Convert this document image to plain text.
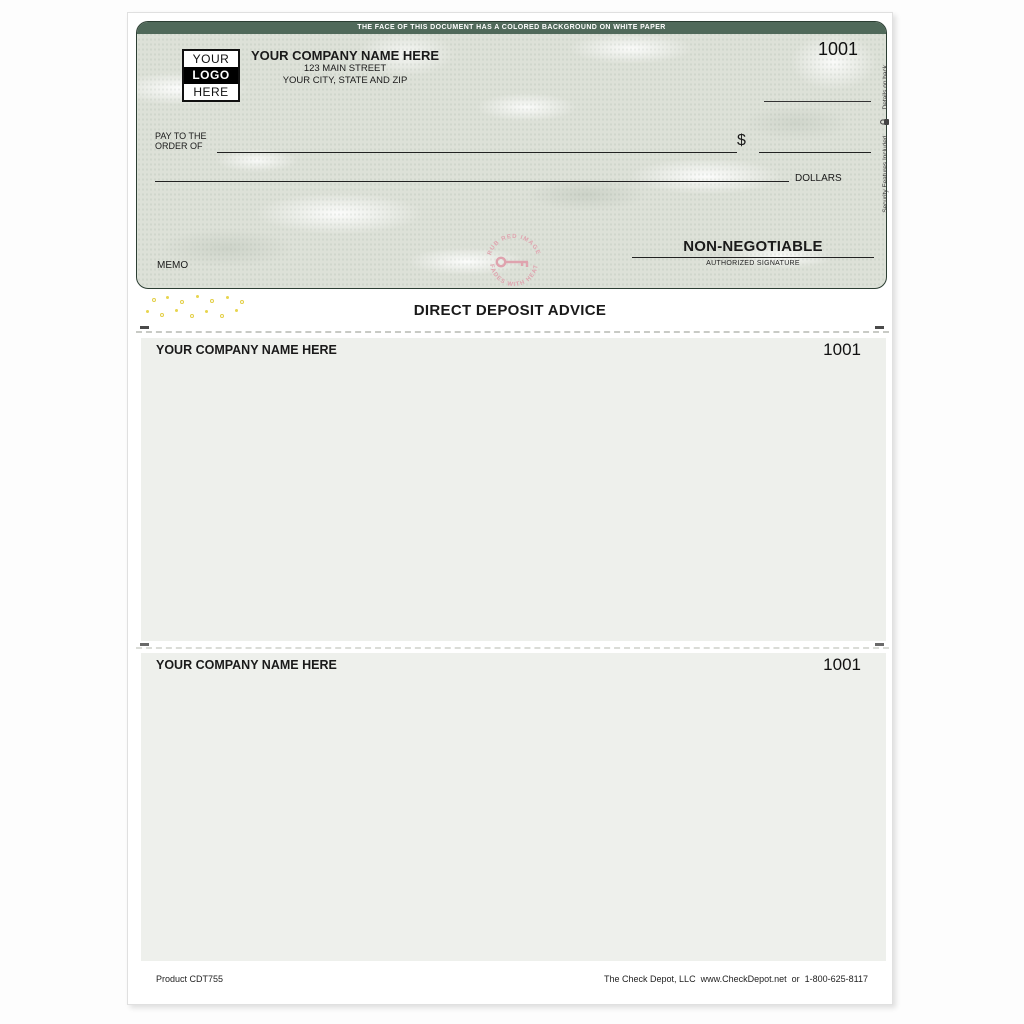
THE FACE OF THIS DOCUMENT HAS A COLORED BACKGROUND ON WHITE PAPER
YOUR
LOGO
HERE
YOUR COMPANY NAME HERE
123 MAIN STREET
YOUR CITY, STATE AND ZIP
1001
PAY TO THE
ORDER OF	$
DOLLARS
MEMO
RUB RED IMAGE
FADES WITH HEAT
NON-NEGOTIABLE
AUTHORIZED SIGNATURE
Security Features Included
Details on back.
DIRECT DEPOSIT ADVICE
YOUR COMPANY NAME HERE	1001
YOUR COMPANY NAME HERE	1001
Product CDT755	The Check Depot, LLC  www.CheckDepot.net  or  1-800-625-8117
